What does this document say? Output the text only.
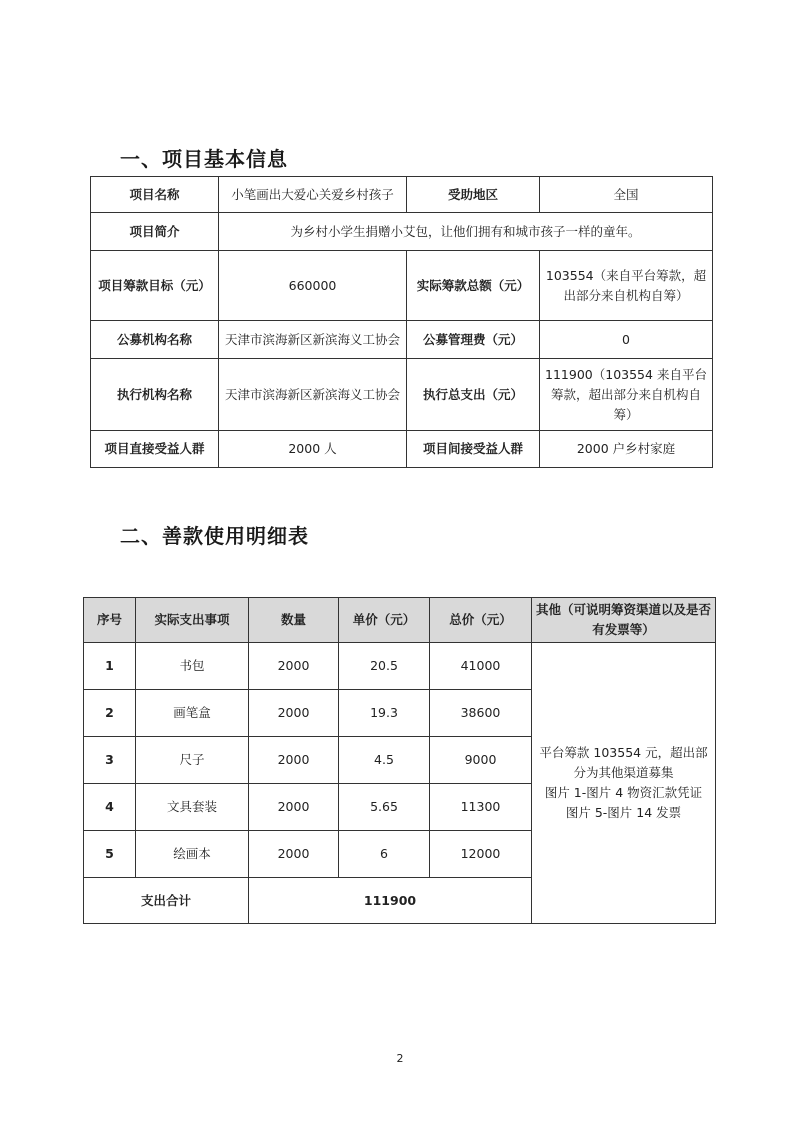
一、项目基本信息
项目名称	小笔画出大爱心关爱乡村孩子	受助地区	全国
项目简介	为乡村小学生捐赠小艾包，让他们拥有和城市孩子一样的童年。		
项目筹款目标（元）	660000	实际筹款总额（元）	103554（来自平台筹款，超出部分来自机构自筹）
公募机构名称	天津市滨海新区新滨海义工协会	公募管理费（元）	0
执行机构名称	天津市滨海新区新滨海义工协会	执行总支出（元）	111900（103554 来自平台筹款，超出部分来自机构自筹）
项目直接受益人群	2000 人	项目间接受益人群	2000 户乡村家庭
二、善款使用明细表
序号	实际支出事项	数量	单价（元）	总价（元）	其他（可说明筹资渠道以及是否有发票等）
1	书包	2000	20.5	41000	平台筹款 103554 元，超出部分为其他渠道募集
图片 1-图片 4 物资汇款凭证
图片 5-图片 14 发票

2	画笔盒	2000	19.3	38600	
3	尺子	2000	4.5	9000	
4	文具套装	2000	5.65	11300	
5	绘画本	2000	6	12000	
支出合计		111900			
2
